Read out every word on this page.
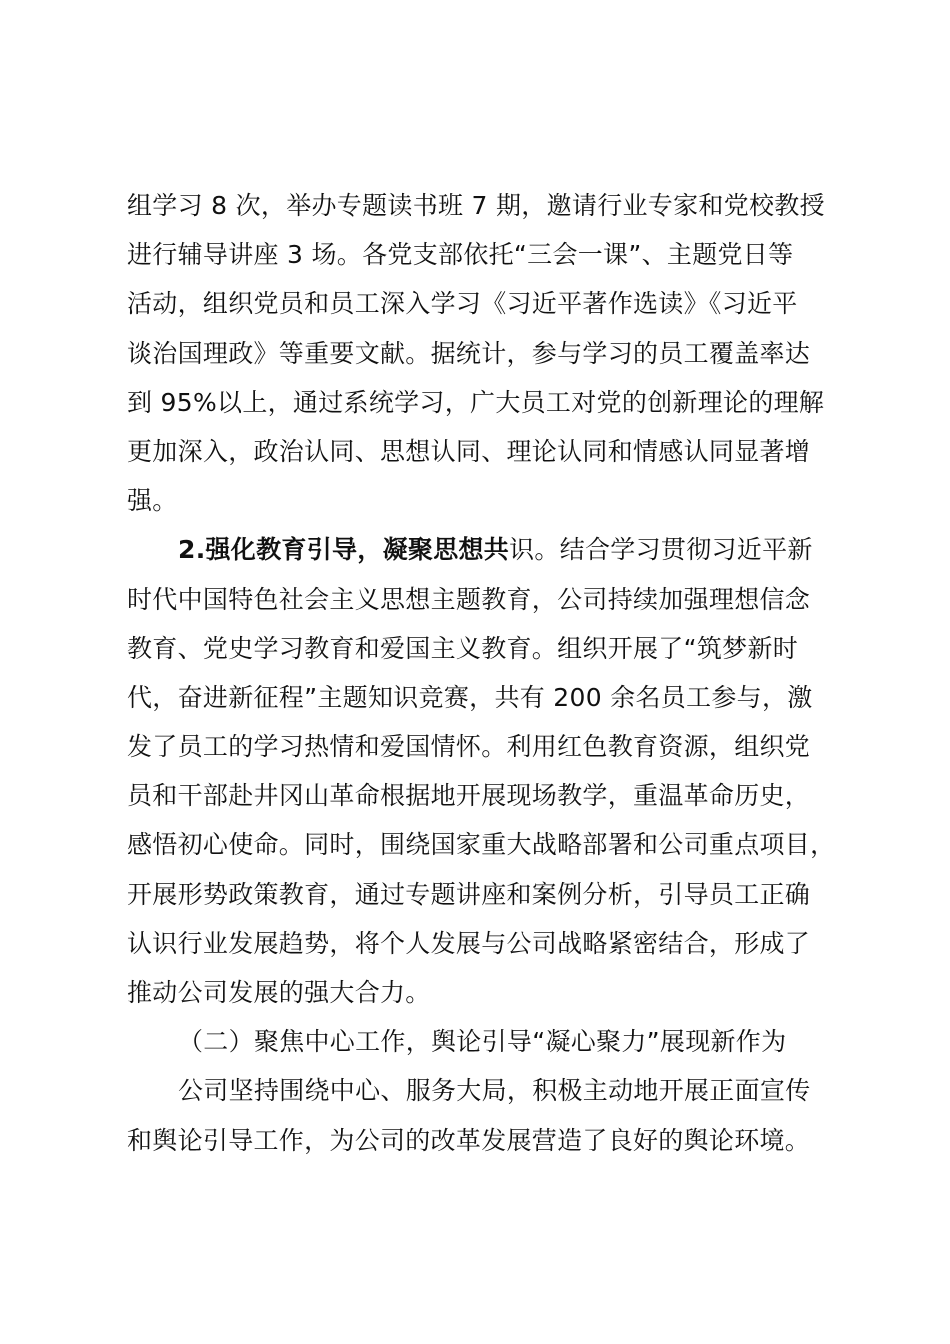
组学习 8 次，举办专题读书班 7 期，邀请行业专家和党校教授
进行辅导讲座 3 场。各党支部依托“三会一课”、主题党日等
活动，组织党员和员工深入学习《习近平著作选读》《习近平
谈治国理政》等重要文献。据统计，参与学习的员工覆盖率达
到 95%以上，通过系统学习，广大员工对党的创新理论的理解
更加深入，政治认同、思想认同、理论认同和情感认同显著增
强。
2.强化教育引导，凝聚思想共识。结合学习贯彻习近平新
时代中国特色社会主义思想主题教育，公司持续加强理想信念
教育、党史学习教育和爱国主义教育。组织开展了“筑梦新时
代，奋进新征程”主题知识竞赛，共有 200 余名员工参与，激
发了员工的学习热情和爱国情怀。利用红色教育资源，组织党
员和干部赴井冈山革命根据地开展现场教学，重温革命历史，
感悟初心使命。同时，围绕国家重大战略部署和公司重点项目，
开展形势政策教育，通过专题讲座和案例分析，引导员工正确
认识行业发展趋势，将个人发展与公司战略紧密结合，形成了
推动公司发展的强大合力。
（二）聚焦中心工作，舆论引导“凝心聚力”展现新作为
公司坚持围绕中心、服务大局，积极主动地开展正面宣传
和舆论引导工作，为公司的改革发展营造了良好的舆论环境。
